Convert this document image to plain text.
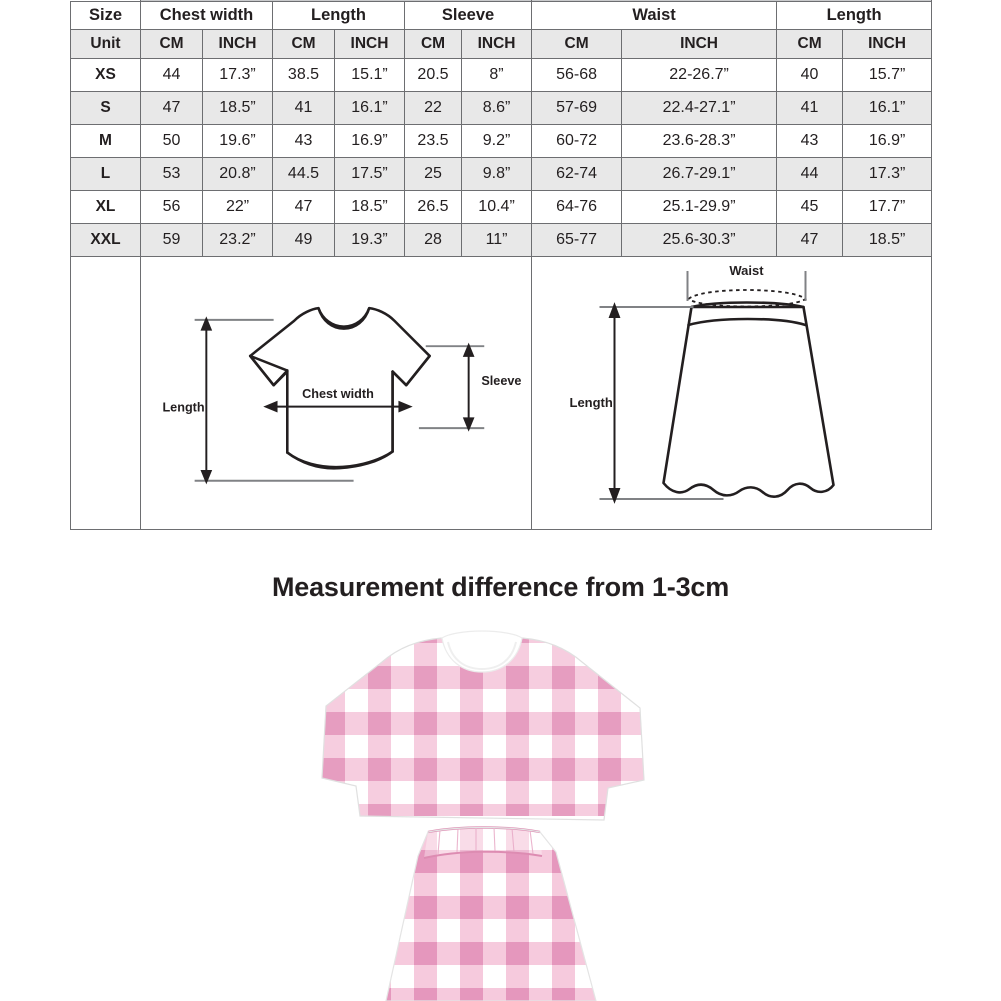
Size	Chest width		Length		Sleeve		Waist		Length	
Unit	CM	INCH	CM	INCH	CM	INCH	CM	INCH	CM	INCH
XS	44	17.3”	38.5	15.1”	20.5	8”	56-68	22-26.7”	40	15.7”
S	47	18.5”	41	16.1”	22	8.6”	57-69	22.4-27.1”	41	16.1”
M	50	19.6”	43	16.9”	23.5	9.2”	60-72	23.6-28.3”	43	16.9”
L	53	20.8”	44.5	17.5”	25	9.8”	62-74	26.7-29.1”	44	17.3”
XL	56	22”	47	18.5”	26.5	10.4”	64-76	25.1-29.9”	45	17.7”
XXL	59	23.2”	49	19.3”	28	11”	65-77	25.6-30.3”	47	18.5”

Length
Chest width
Sleeve						Waist
Length			
Measurement difference from 1-3cm
